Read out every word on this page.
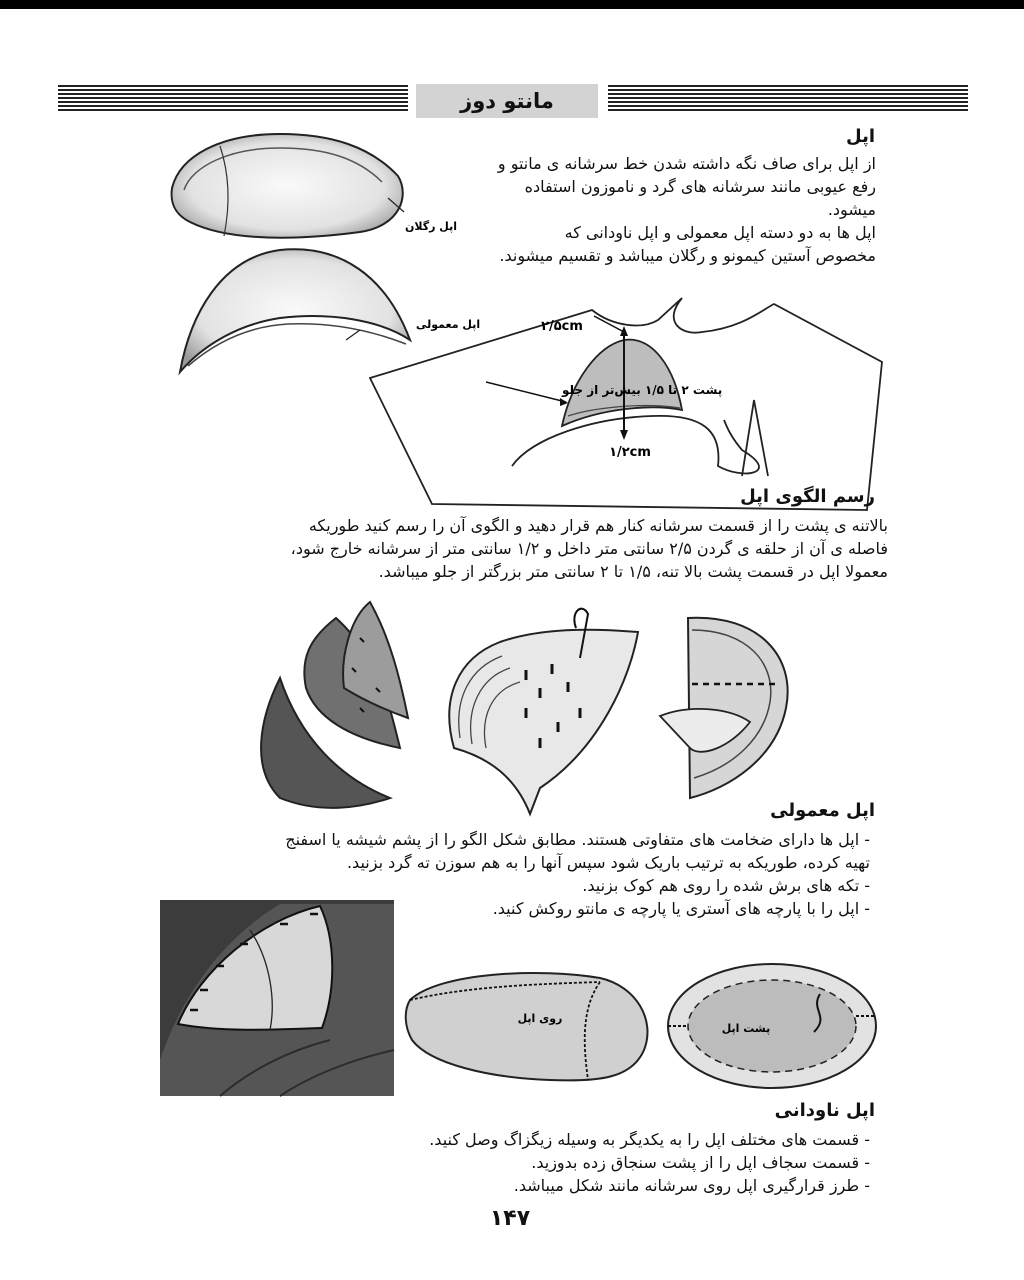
مانتو دوز
اپل

از اپل برای صاف نگه داشته شدن خط سرشانه ی مانتو و

رفع عیوبی مانند سرشانه های گرد و ناموزون استفاده

میشود.

اپل ها به دو دسته اپل معمولی و اپل ناودانی که

مخصوص آستین کیمونو و رگلان میباشد و تقسیم میشوند.

اپل رگلان
اپل معمولی	۲/۵cm
پشت ۲ تا ۱/۵ بیش‌تر از جلو
۱/۲cm
رسم الگوی اپل

بالاتنه ی پشت را از قسمت سرشانه کنار هم قرار دهید و الگوی آن را رسم کنید طوریکه

فاصله ی آن از حلقه ی گردن ۲/۵ سانتی متر داخل و ۱/۲ سانتی متر از سرشانه خارج شود،

معمولا اپل در قسمت پشت بالا تنه، ۱/۵ تا ۲ سانتی متر بزرگتر از جلو میباشد.

اپل معمولی

- اپل ها دارای ضخامت های متفاوتی هستند. مطابق شکل الگو را از پشم شیشه یا اسفنج

تهیه کرده، طوریکه به ترتیب باریک شود سپس آنها را به هم سوزن ته گرد بزنید.

- تکه های برش شده را روی هم کوک بزنید.

- اپل را با پارچه های آستری یا پارچه ی مانتو روکش کنید.

روی اپل
پشت اپل
اپل ناودانی

- قسمت های مختلف اپل را به یکدیگر به وسیله زیگزاگ وصل کنید.

- قسمت سجاف اپل را از پشت سنجاق زده بدوزید.

- طرز قرارگیری اپل روی سرشانه مانند شکل میباشد.

۱۴۷
